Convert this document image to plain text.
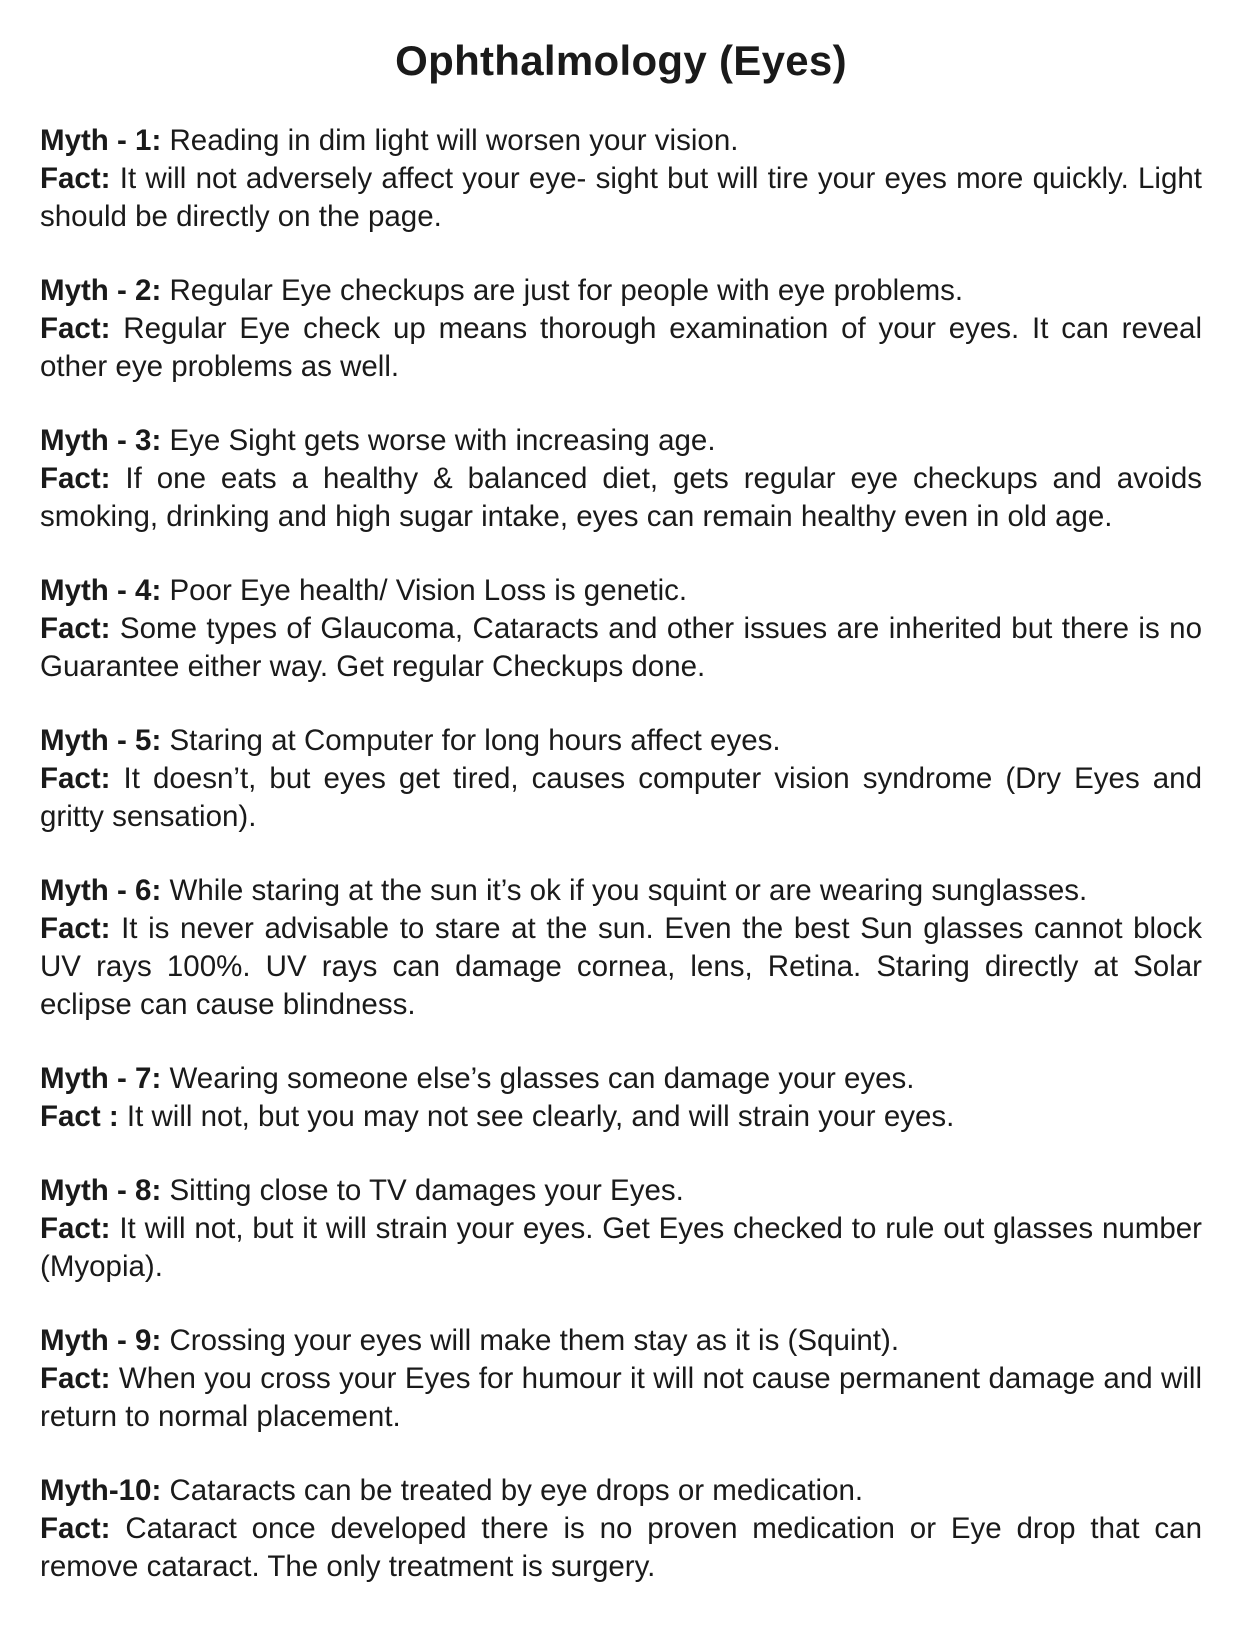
Ophthalmology (Eyes)

Myth - 1: Reading in dim light will worsen your vision.

Fact: It will not adversely affect your eye- sight but will tire your eyes more quickly. Light should be directly on the page.

Myth - 2: Regular Eye checkups are just for people with eye problems.

Fact: Regular Eye check up means thorough examination of your eyes. It can reveal other eye problems as well.

Myth - 3: Eye Sight gets worse with increasing age.

Fact: If one eats a healthy & balanced diet, gets regular eye checkups and avoids smoking, drinking and high sugar intake, eyes can remain healthy even in old age.

Myth - 4: Poor Eye health/ Vision Loss is genetic.

Fact: Some types of Glaucoma, Cataracts and other issues are inherited but there is no Guarantee either way. Get regular Checkups done.

Myth - 5: Staring at Computer for long hours affect eyes.

Fact: It doesn’t, but eyes get tired, causes computer vision syndrome (Dry Eyes and gritty sensation).

Myth - 6: While staring at the sun it’s ok if you squint or are wearing sunglasses.

Fact: It is never advisable to stare at the sun. Even the best Sun glasses cannot block UV rays 100%. UV rays can damage cornea, lens, Retina. Staring directly at Solar eclipse can cause blindness.

Myth - 7: Wearing someone else’s glasses can damage your eyes.

Fact : It will not, but you may not see clearly, and will strain your eyes.

Myth - 8: Sitting close to TV damages your Eyes.

Fact: It will not, but it will strain your eyes. Get Eyes checked to rule out glasses number (Myopia).

Myth - 9: Crossing your eyes will make them stay as it is (Squint).

Fact: When you cross your Eyes for humour it will not cause permanent damage and will return to normal placement.

Myth-10: Cataracts can be treated by eye drops or medication.

Fact: Cataract once developed there is no proven medication or Eye drop that can remove cataract. The only treatment is surgery.
